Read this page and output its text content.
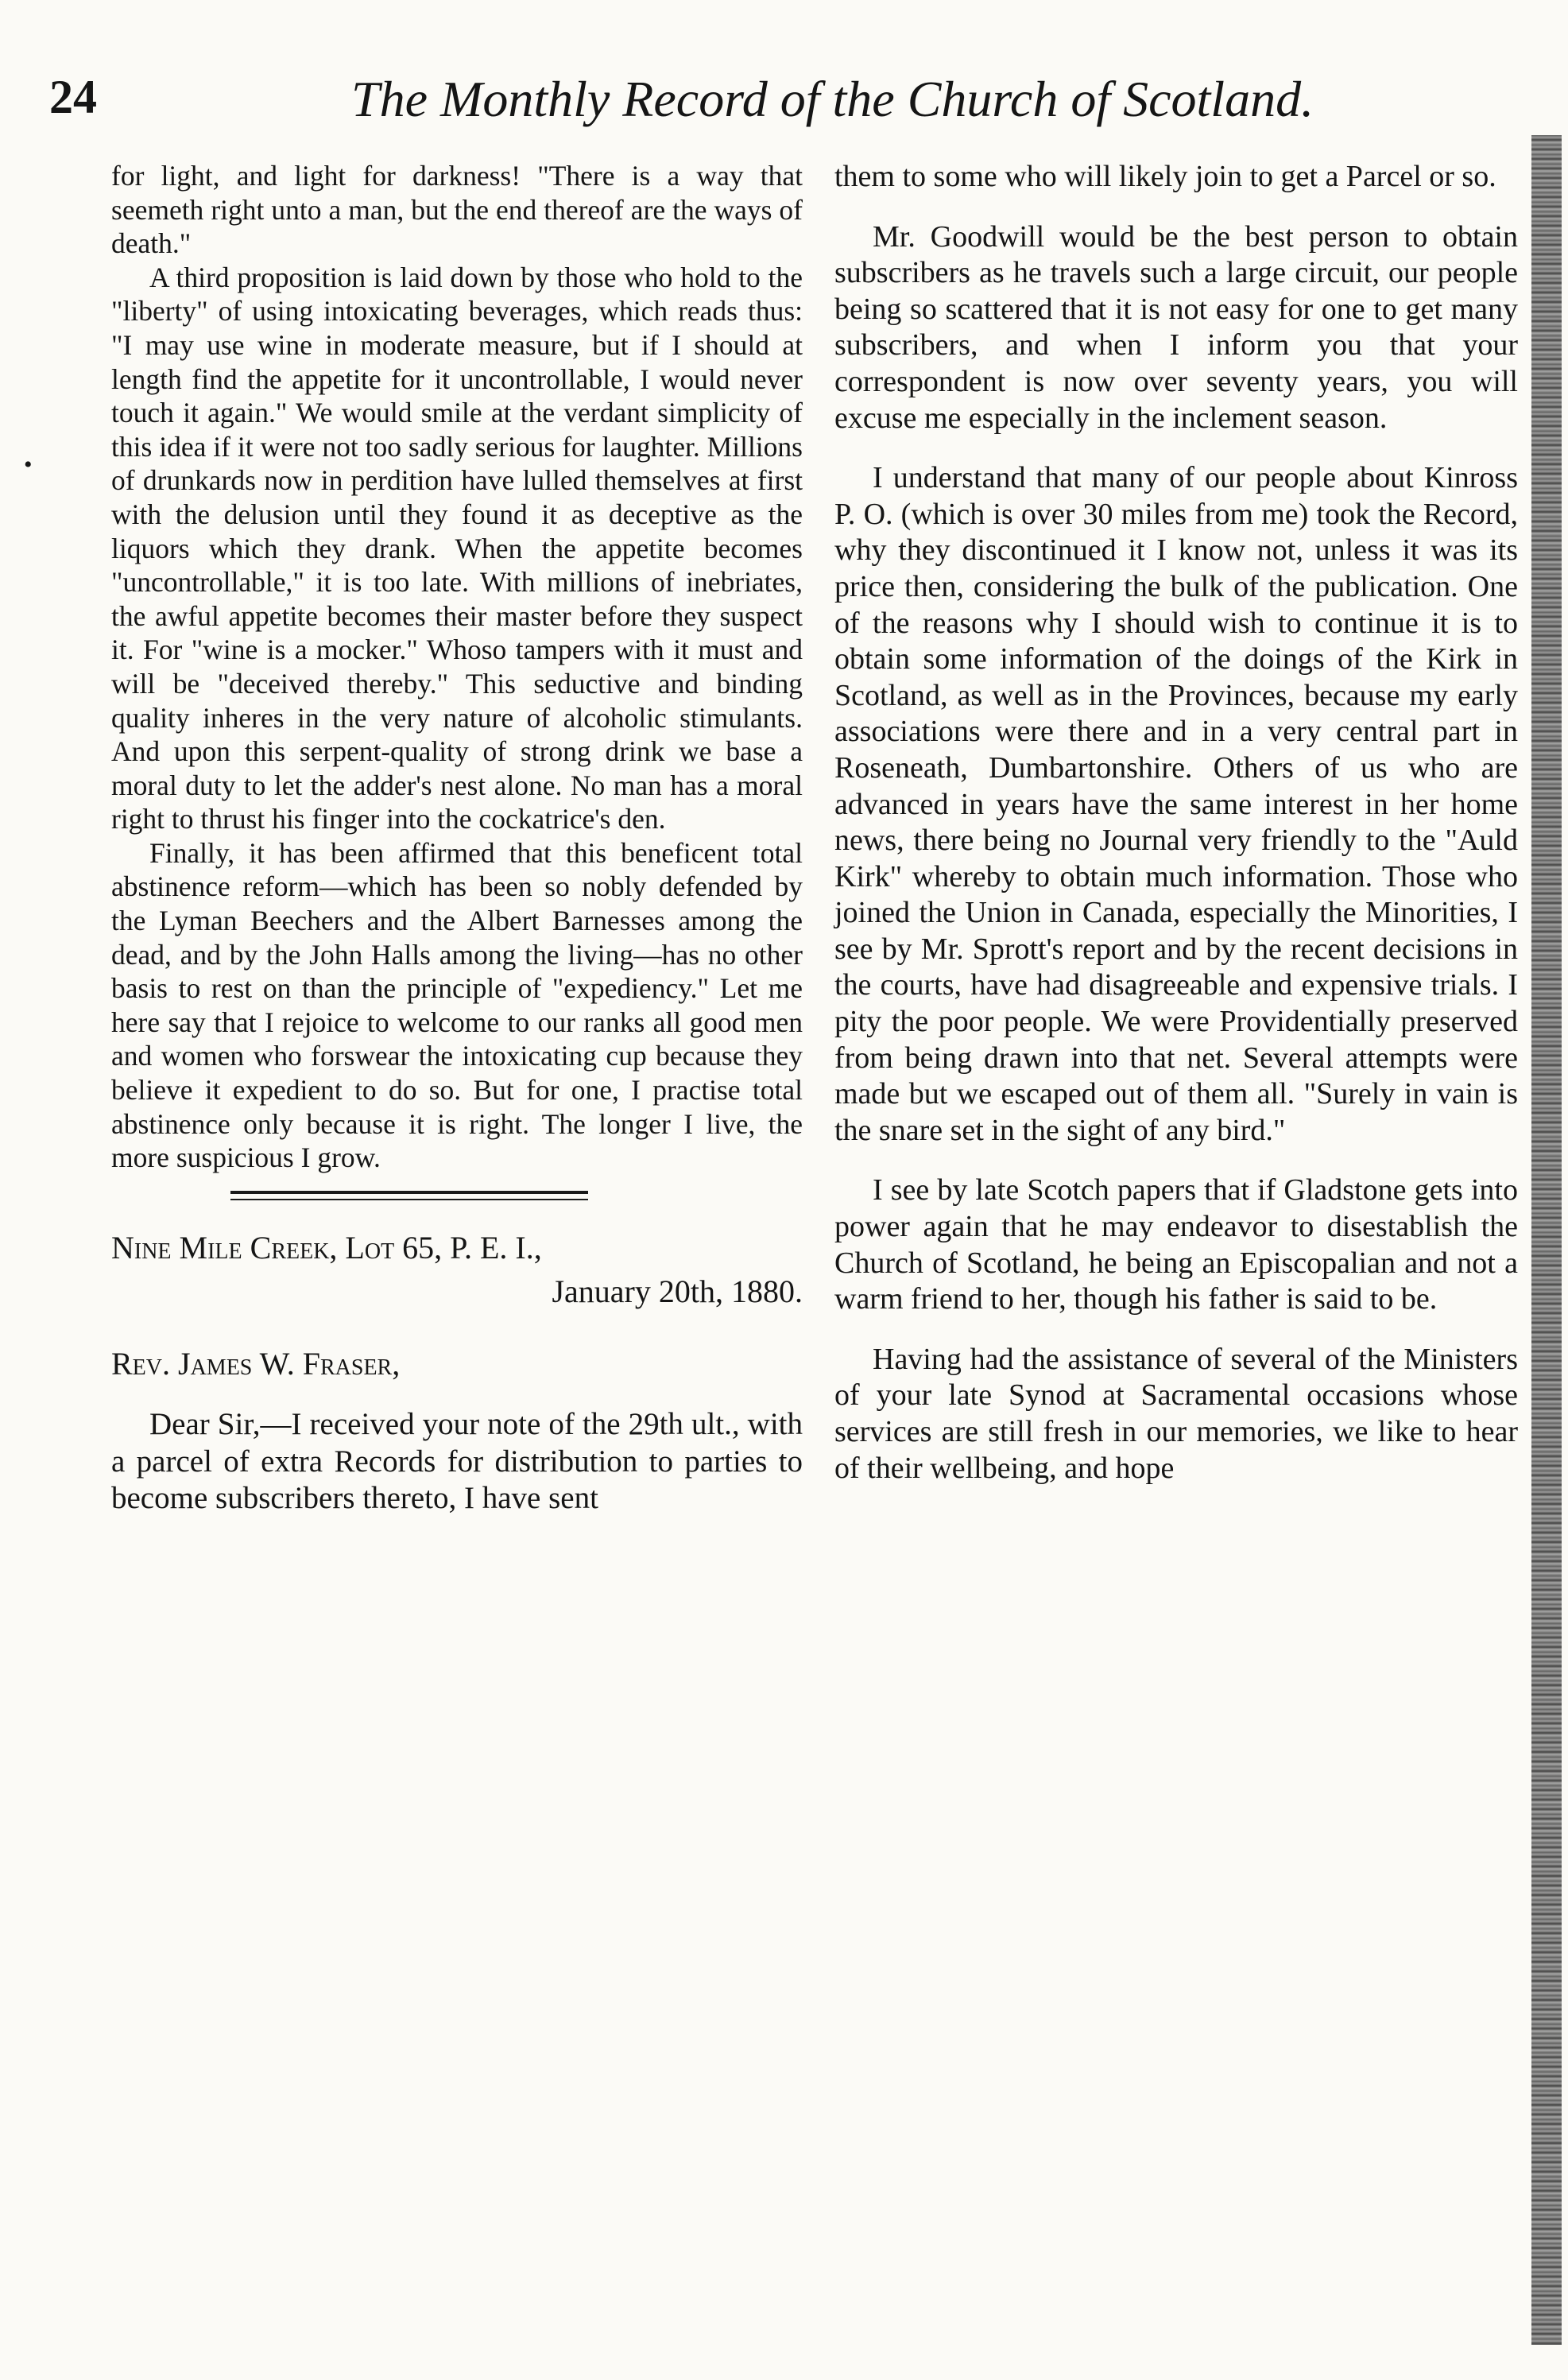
24	The Monthly Record of the Church of Scotland.
•

for light, and light for darkness! "There is a way that seemeth right unto a man, but the end thereof are the ways of death."

A third proposition is laid down by those who hold to the "liberty" of using intoxicating beverages, which reads thus: "I may use wine in moderate measure, but if I should at length find the appetite for it uncontrollable, I would never touch it again." We would smile at the verdant simplicity of this idea if it were not too sadly serious for laughter. Millions of drunkards now in perdition have lulled themselves at first with the delusion until they found it as deceptive as the liquors which they drank. When the appetite becomes "uncontrollable," it is too late. With millions of inebriates, the awful appetite becomes their master before they suspect it. For "wine is a mocker." Whoso tampers with it must and will be "deceived thereby." This seductive and binding quality inheres in the very nature of alcoholic stimulants. And upon this serpent-quality of strong drink we base a moral duty to let the adder's nest alone. No man has a moral right to thrust his finger into the cockatrice's den.

Finally, it has been affirmed that this beneficent total abstinence reform—which has been so nobly defended by the Lyman Beechers and the Albert Barnesses among the dead, and by the John Halls among the living—has no other basis to rest on than the principle of "expediency." Let me here say that I rejoice to welcome to our ranks all good men and women who forswear the intoxicating cup because they believe it expedient to do so. But for one, I practise total abstinence only because it is right. The longer I live, the more suspicious I grow.

Nine Mile Creek, Lot 65, P. E. I.,
January 20th, 1880.

Rev. James W. Fraser,

Dear Sir,—I received your note of the 29th ult., with a parcel of extra Records for distribution to parties to become subscribers thereto, I have sent

them to some who will likely join to get a Parcel or so.

Mr. Goodwill would be the best person to obtain subscribers as he travels such a large circuit, our people being so scattered that it is not easy for one to get many subscribers, and when I inform you that your correspondent is now over seventy years, you will excuse me especially in the inclement season.

I understand that many of our people about Kinross P. O. (which is over 30 miles from me) took the Record, why they discontinued it I know not, unless it was its price then, considering the bulk of the publication. One of the reasons why I should wish to continue it is to obtain some information of the doings of the Kirk in Scotland, as well as in the Provinces, because my early associations were there and in a very central part in Roseneath, Dumbartonshire. Others of us who are advanced in years have the same interest in her home news, there being no Journal very friendly to the "Auld Kirk" whereby to obtain much information. Those who joined the Union in Canada, especially the Minorities, I see by Mr. Sprott's report and by the recent decisions in the courts, have had disagreeable and expensive trials. I pity the poor people. We were Providentially preserved from being drawn into that net. Several attempts were made but we escaped out of them all. "Surely in vain is the snare set in the sight of any bird."

I see by late Scotch papers that if Gladstone gets into power again that he may endeavor to disestablish the Church of Scotland, he being an Episcopalian and not a warm friend to her, though his father is said to be.

Having had the assistance of several of the Ministers of your late Synod at Sacramental occasions whose services are still fresh in our memories, we like to hear of their wellbeing, and hope
